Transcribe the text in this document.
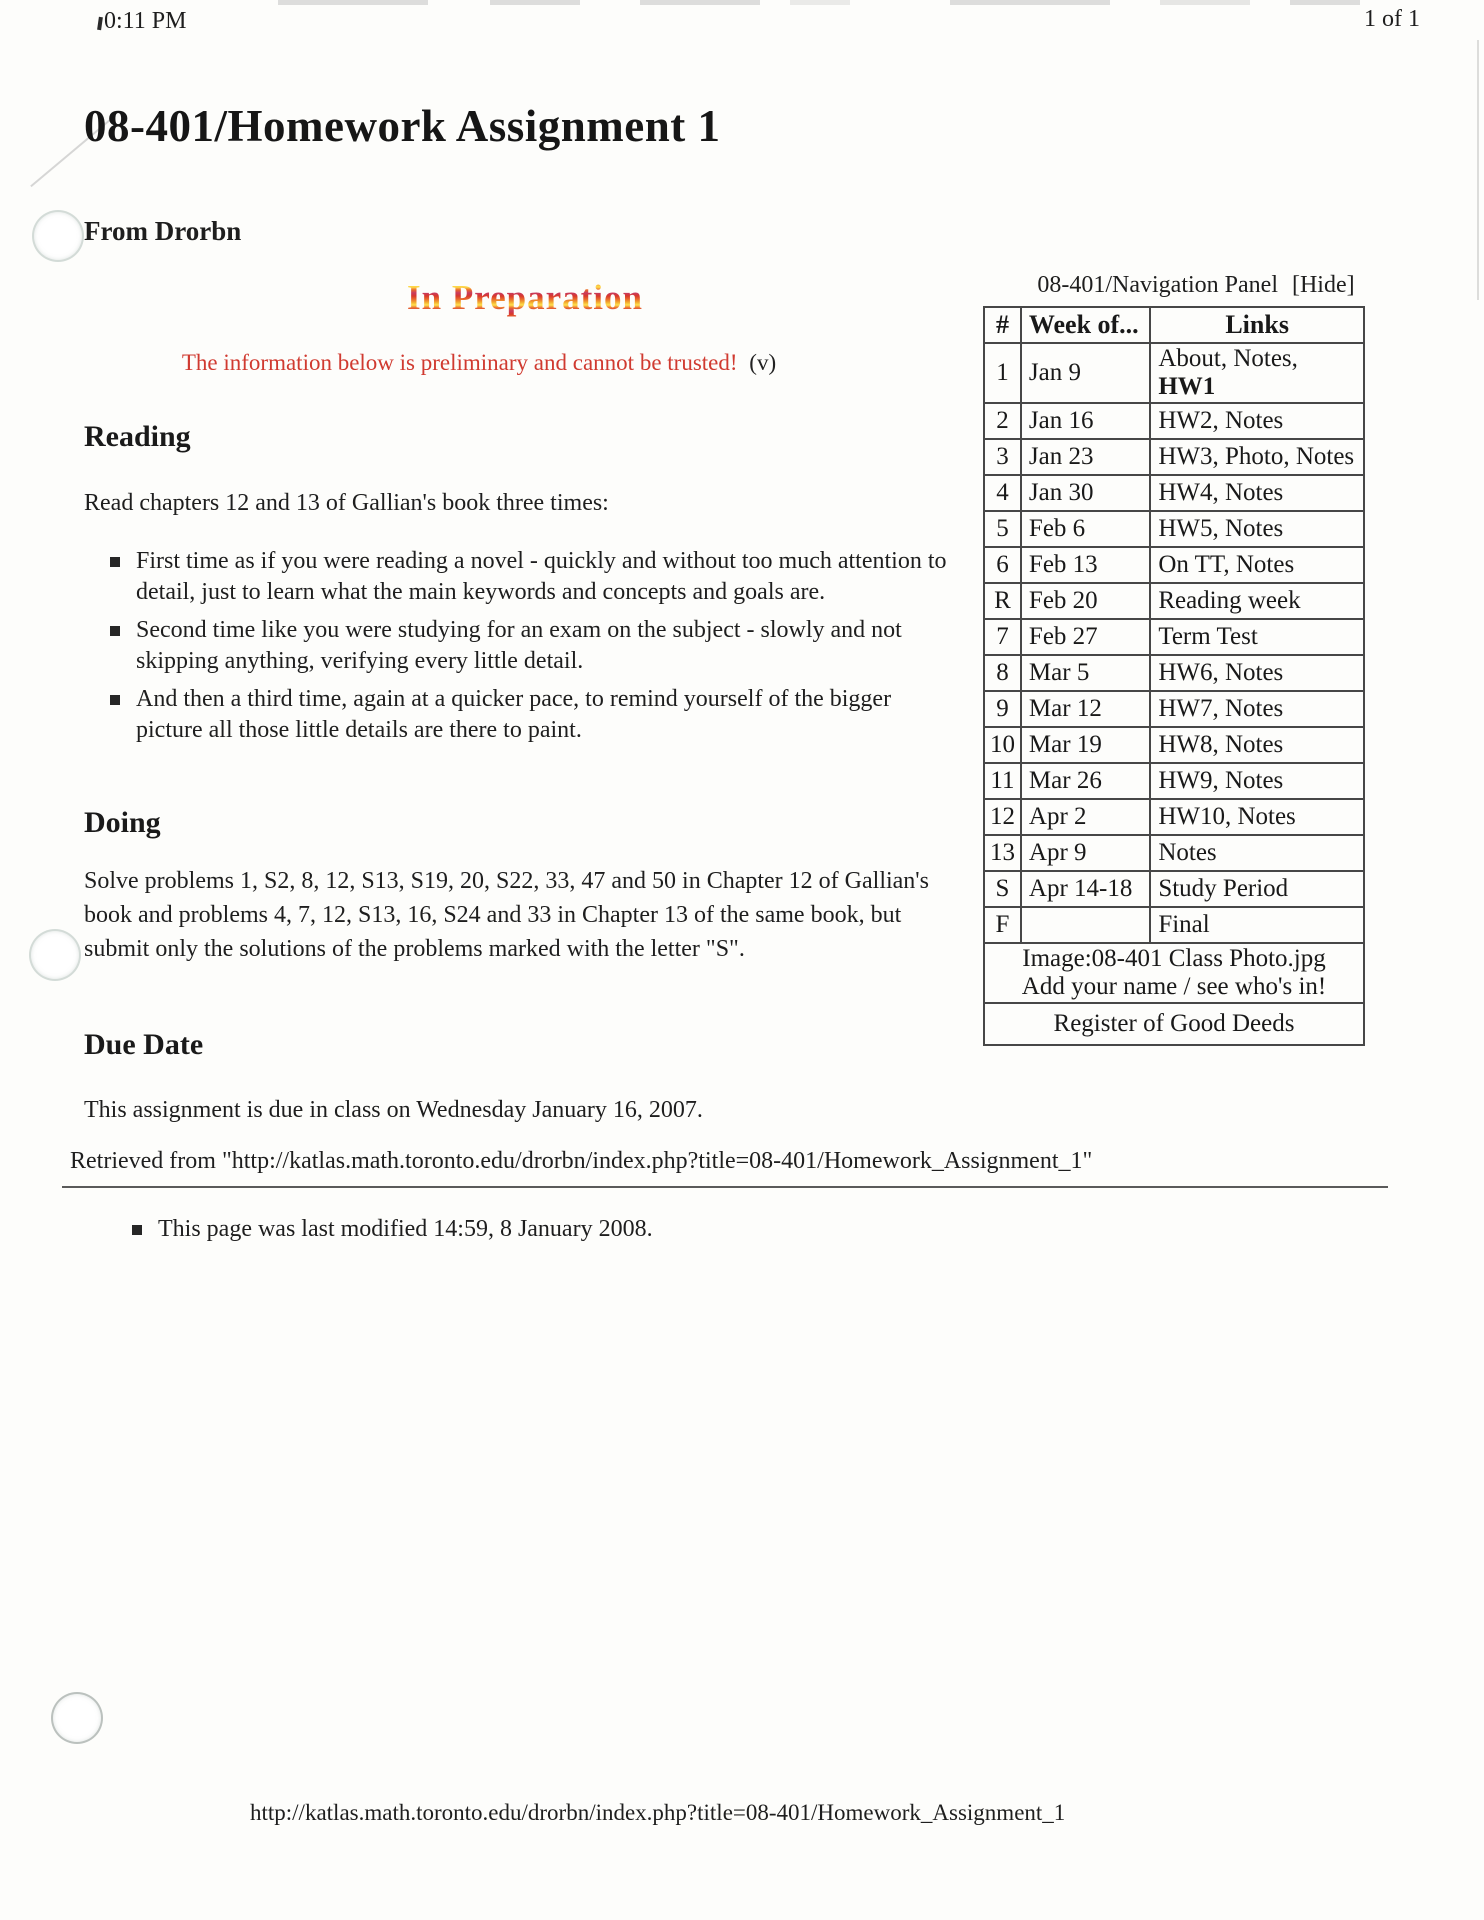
0:11 PM	1 of 1
08-401/Homework Assignment 1
From Drorbn
In Preparation
The information below is preliminary and cannot be trusted! (v)
Reading

Read chapters 12 and 13 of Gallian's book three times:

First time as if you were reading a novel - quickly and without too much attention to detail, just to learn what the main keywords and concepts and goals are.
Second time like you were studying for an exam on the subject - slowly and not skipping anything, verifying every little detail.
And then a third time, again at a quicker pace, to remind yourself of the bigger picture all those little details are there to paint.
Doing

Solve problems 1, S2, 8, 12, S13, S19, 20, S22, 33, 47 and 50 in Chapter 12 of Gallian's book and problems 4, 7, 12, S13, 16, S24 and 33 in Chapter 13 of the same book, but submit only the solutions of the problems marked with the letter "S".

Due Date

This assignment is due in class on Wednesday January 16, 2007.

Retrieved from "http://katlas.math.toronto.edu/drorbn/index.php?title=08-401/Homework_Assignment_1"
This page was last modified 14:59, 8 January 2008.
08-401/Navigation Panel [Hide]
#	Week of...	Links
1	Jan 9	About, Notes, HW1
2	Jan 16	HW2, Notes
3	Jan 23	HW3, Photo, Notes
4	Jan 30	HW4, Notes
5	Feb 6	HW5, Notes
6	Feb 13	On TT, Notes
R	Feb 20	Reading week
7	Feb 27	Term Test
8	Mar 5	HW6, Notes
9	Mar 12	HW7, Notes
10	Mar 19	HW8, Notes
11	Mar 26	HW9, Notes
12	Apr 2	HW10, Notes
13	Apr 9	Notes
S	Apr 14-18	Study Period
F		Final

Image:08-401 Class Photo.jpg
Add your name / see who's in!		

Register of Good Deeds		
http://katlas.math.toronto.edu/drorbn/index.php?title=08-401/Homework_Assignment_1
